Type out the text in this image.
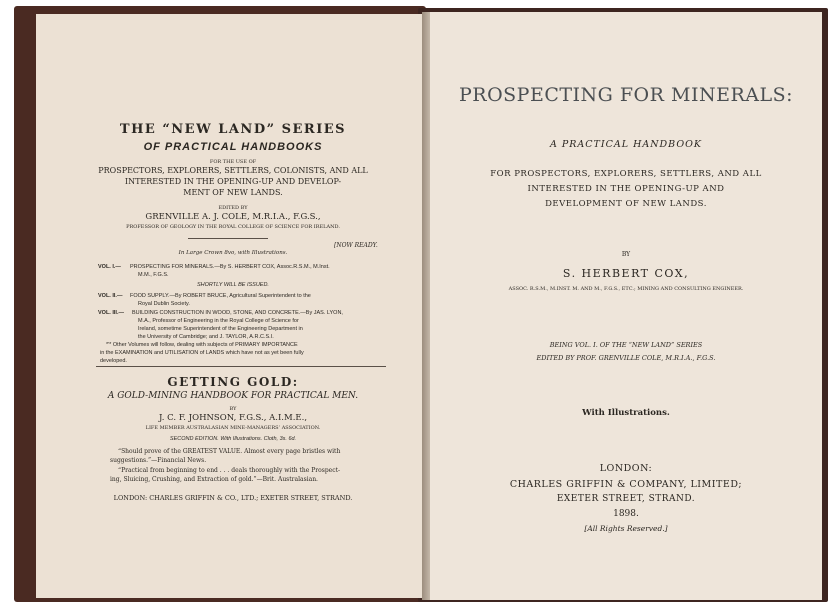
THE “NEW LAND” SERIES
OF PRACTICAL HANDBOOKS
FOR THE USE OF
PROSPECTORS, EXPLORERS, SETTLERS, COLONISTS, AND ALL
INTERESTED IN THE OPENING-UP AND DEVELOP-
MENT OF NEW LANDS.
EDITED BY
GRENVILLE A. J. COLE, M.R.I.A., F.G.S.,
PROFESSOR OF GEOLOGY IN THE ROYAL COLLEGE OF SCIENCE FOR IRELAND.
In Large Crown 8vo, with Illustrations.
[NOW READY.
VOL. I.— PROSPECTING FOR MINERALS.—By S. HERBERT COX, Assoc.R.S.M., M.Inst.
M.M., F.G.S.
SHORTLY WILL BE ISSUED.
VOL. II.— FOOD SUPPLY.—By ROBERT BRUCE, Agricultural Superintendent to the
Royal Dublin Society.
VOL. III.— BUILDING CONSTRUCTION IN WOOD, STONE, AND CONCRETE.—By JAS. LYON,
M.A., Professor of Engineering in the Royal College of Science for
Ireland, sometime Superintendent of the Engineering Department in
the University of Cambridge; and J. TAYLOR, A.R.C.S.I.
*′* Other Volumes will follow, dealing with subjects of PRIMARY IMPORTANCE
in the EXAMINATION and UTILISATION of LANDS which have not as yet been fully
developed.
GETTING GOLD:
A GOLD-MINING HANDBOOK FOR PRACTICAL MEN.
BY
J. C. F. JOHNSON, F.G.S., A.I.M.E.,
LIFE MEMBER AUSTRALASIAN MINE-MANAGERS’ ASSOCIATION.
SECOND EDITION. With Illustrations. Cloth, 3s. 6d.
“Should prove of the GREATEST VALUE. Almost every page bristles with
suggestions.”—Financial News.
“Practical from beginning to end . . . deals thoroughly with the Prospect-
ing, Sluicing, Crushing, and Extraction of gold.”—Brit. Australasian.
LONDON: CHARLES GRIFFIN & CO., LTD.; EXETER STREET, STRAND.
PROSPECTING FOR MINERALS:
A PRACTICAL HANDBOOK
FOR PROSPECTORS, EXPLORERS, SETTLERS, AND ALL
INTERESTED IN THE OPENING-UP AND
DEVELOPMENT OF NEW LANDS.
BY
S. HERBERT COX,
ASSOC. R.S.M., M.INST. M. AND M., F.G.S., ETC.; MINING AND CONSULTING ENGINEER.
BEING VOL. I. OF THE “NEW LAND” SERIES
EDITED BY PROF. GRENVILLE COLE, M.R.I.A., F.G.S.
With Illustrations.
LONDON:
CHARLES GRIFFIN & COMPANY, LIMITED;
EXETER STREET, STRAND.
1898.
[All Rights Reserved.]
